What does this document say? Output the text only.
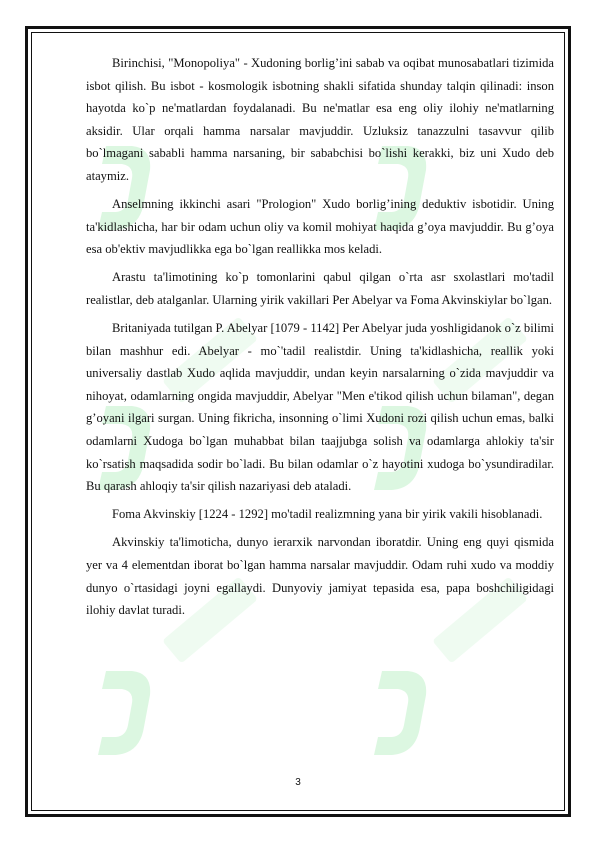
Birinchisi, "Monopoliya" - Xudoning borlig’ini sabab va oqibat munosabatlari tizimida isbot qilish. Bu isbot - kosmologik isbotning shakli sifatida shunday talqin qilinadi: inson hayotda ko`p ne'matlardan foydalanadi. Bu ne'matlar esa eng oliy ilohiy ne'matlarning aksidir. Ular orqali hamma narsalar mavjuddir. Uzluksiz tanazzulni tasavvur qilib bo`lmagani sababli hamma narsaning, bir sababchisi bo`lishi kerakki, biz uni Xudo deb ataymiz.

Anselmning ikkinchi asari "Prologion" Xudo borlig’ining deduktiv isbotidir. Uning ta'kidlashicha, har bir odam uchun oliy va komil mohiyat haqida g’oya mavjuddir. Bu g’oya esa ob'ektiv mavjudlikka ega bo`lgan reallikka mos keladi.

Arastu ta'limotining ko`p tomonlarini qabul qilgan o`rta asr sxolastlari mo'tadil realistlar, deb atalganlar. Ularning yirik vakillari Per Abelyar va Foma Akvinskiylar bo`lgan.

Britaniyada tutilgan P. Abelyar [1079 - 1142] Per Abelyar juda yoshligidanok o`z bilimi bilan mashhur edi. Abelyar - mo`'tadil realistdir. Uning ta'kidlashicha, reallik yoki universaliy dastlab Xudo aqlida mavjuddir, undan keyin narsalarning o`zida mavjuddir va nihoyat, odamlarning ongida mavjuddir, Abelyar "Men e'tikod qilish uchun bilaman", degan g’oyani ilgari surgan. Uning fikricha, insonning o`limi Xudoni rozi qilish uchun emas, balki odamlarni Xudoga bo`lgan muhabbat bilan taajjubga solish va odamlarga ahlokiy ta'sir ko`rsatish maqsadida sodir bo`ladi. Bu bilan odamlar o`z hayotini xudoga bo`ysundiradilar. Bu qarash ahloqiy ta'sir qilish nazariyasi deb ataladi.

Foma Akvinskiy [1224 - 1292] mo'tadil realizmning yana bir yirik vakili hisoblanadi.

Akvinskiy ta'limoticha, dunyo ierarxik narvondan iboratdir. Uning eng quyi qismida yer va 4 elementdan iborat bo`lgan hamma narsalar mavjuddir. Odam ruhi xudo va moddiy dunyo o`rtasidagi joyni egallaydi. Dunyoviy jamiyat tepasida esa, papa boshchiligidagi ilohiy davlat turadi.

3
